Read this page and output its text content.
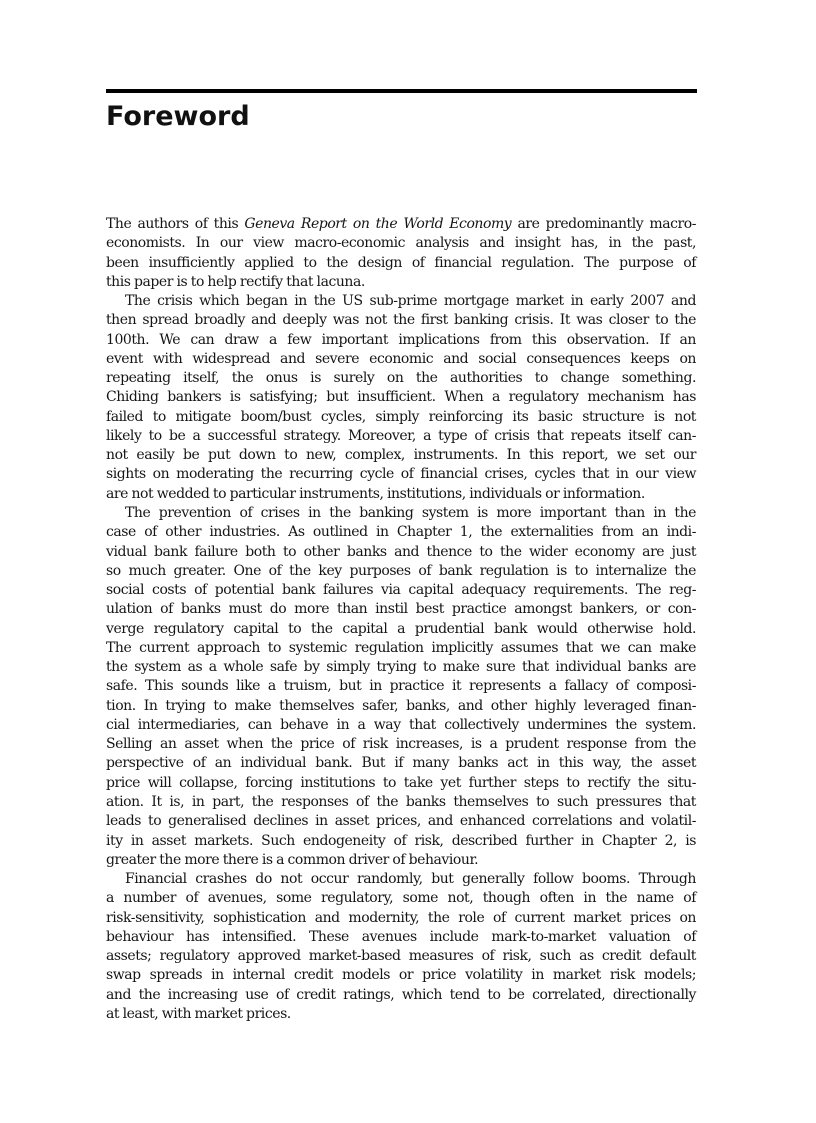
Foreword
The authors of this Geneva Report on the World Economy are predominantly macro-
economists. In our view macro-economic analysis and insight has, in the past,
been insufficiently applied to the design of financial regulation. The purpose of
this paper is to help rectify that lacuna.
The crisis which began in the US sub-prime mortgage market in early 2007 and
then spread broadly and deeply was not the first banking crisis. It was closer to the
100th. We can draw a few important implications from this observation. If an
event with widespread and severe economic and social consequences keeps on
repeating itself, the onus is surely on the authorities to change something.
Chiding bankers is satisfying; but insufficient. When a regulatory mechanism has
failed to mitigate boom/bust cycles, simply reinforcing its basic structure is not
likely to be a successful strategy. Moreover, a type of crisis that repeats itself can-
not easily be put down to new, complex, instruments. In this report, we set our
sights on moderating the recurring cycle of financial crises, cycles that in our view
are not wedded to particular instruments, institutions, individuals or information.
The prevention of crises in the banking system is more important than in the
case of other industries. As outlined in Chapter 1, the externalities from an indi-
vidual bank failure both to other banks and thence to the wider economy are just
so much greater. One of the key purposes of bank regulation is to internalize the
social costs of potential bank failures via capital adequacy requirements. The reg-
ulation of banks must do more than instil best practice amongst bankers, or con-
verge regulatory capital to the capital a prudential bank would otherwise hold.
The current approach to systemic regulation implicitly assumes that we can make
the system as a whole safe by simply trying to make sure that individual banks are
safe. This sounds like a truism, but in practice it represents a fallacy of composi-
tion. In trying to make themselves safer, banks, and other highly leveraged finan-
cial intermediaries, can behave in a way that collectively undermines the system.
Selling an asset when the price of risk increases, is a prudent response from the
perspective of an individual bank. But if many banks act in this way, the asset
price will collapse, forcing institutions to take yet further steps to rectify the situ-
ation. It is, in part, the responses of the banks themselves to such pressures that
leads to generalised declines in asset prices, and enhanced correlations and volatil-
ity in asset markets. Such endogeneity of risk, described further in Chapter 2, is
greater the more there is a common driver of behaviour.
Financial crashes do not occur randomly, but generally follow booms. Through
a number of avenues, some regulatory, some not, though often in the name of
risk-sensitivity, sophistication and modernity, the role of current market prices on
behaviour has intensified. These avenues include mark-to-market valuation of
assets; regulatory approved market-based measures of risk, such as credit default
swap spreads in internal credit models or price volatility in market risk models;
and the increasing use of credit ratings, which tend to be correlated, directionally
at least, with market prices.
